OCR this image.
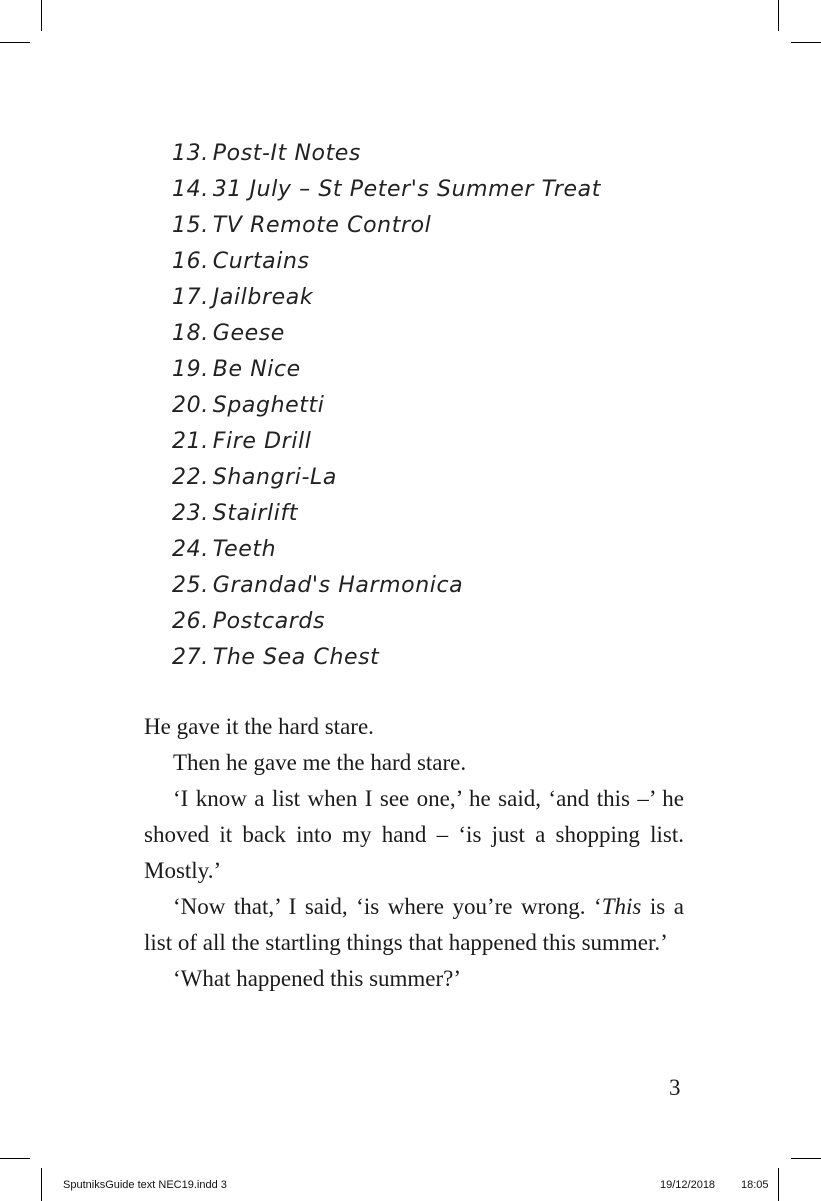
13. Post-It Notes
14. 31 July – St Peter's Summer Treat
15. TV Remote Control
16. Curtains
17. Jailbreak
18. Geese
19. Be Nice
20. Spaghetti
21. Fire Drill
22. Shangri-La
23. Stairlift
24. Teeth
25. Grandad's Harmonica
26. Postcards
27. The Sea Chest

He gave it the hard stare.

Then he gave me the hard stare.

‘I know a list when I see one,’ he said, ‘and this –’ he shoved it back into my hand – ‘is just a shopping list. Mostly.’

‘Now that,’ I said, ‘is where you’re wrong. ‘This is a list of all the startling things that happened this summer.’

‘What happened this summer?’

3
SputniksGuide text NEC19.indd 3	19/12/2018 18:05
